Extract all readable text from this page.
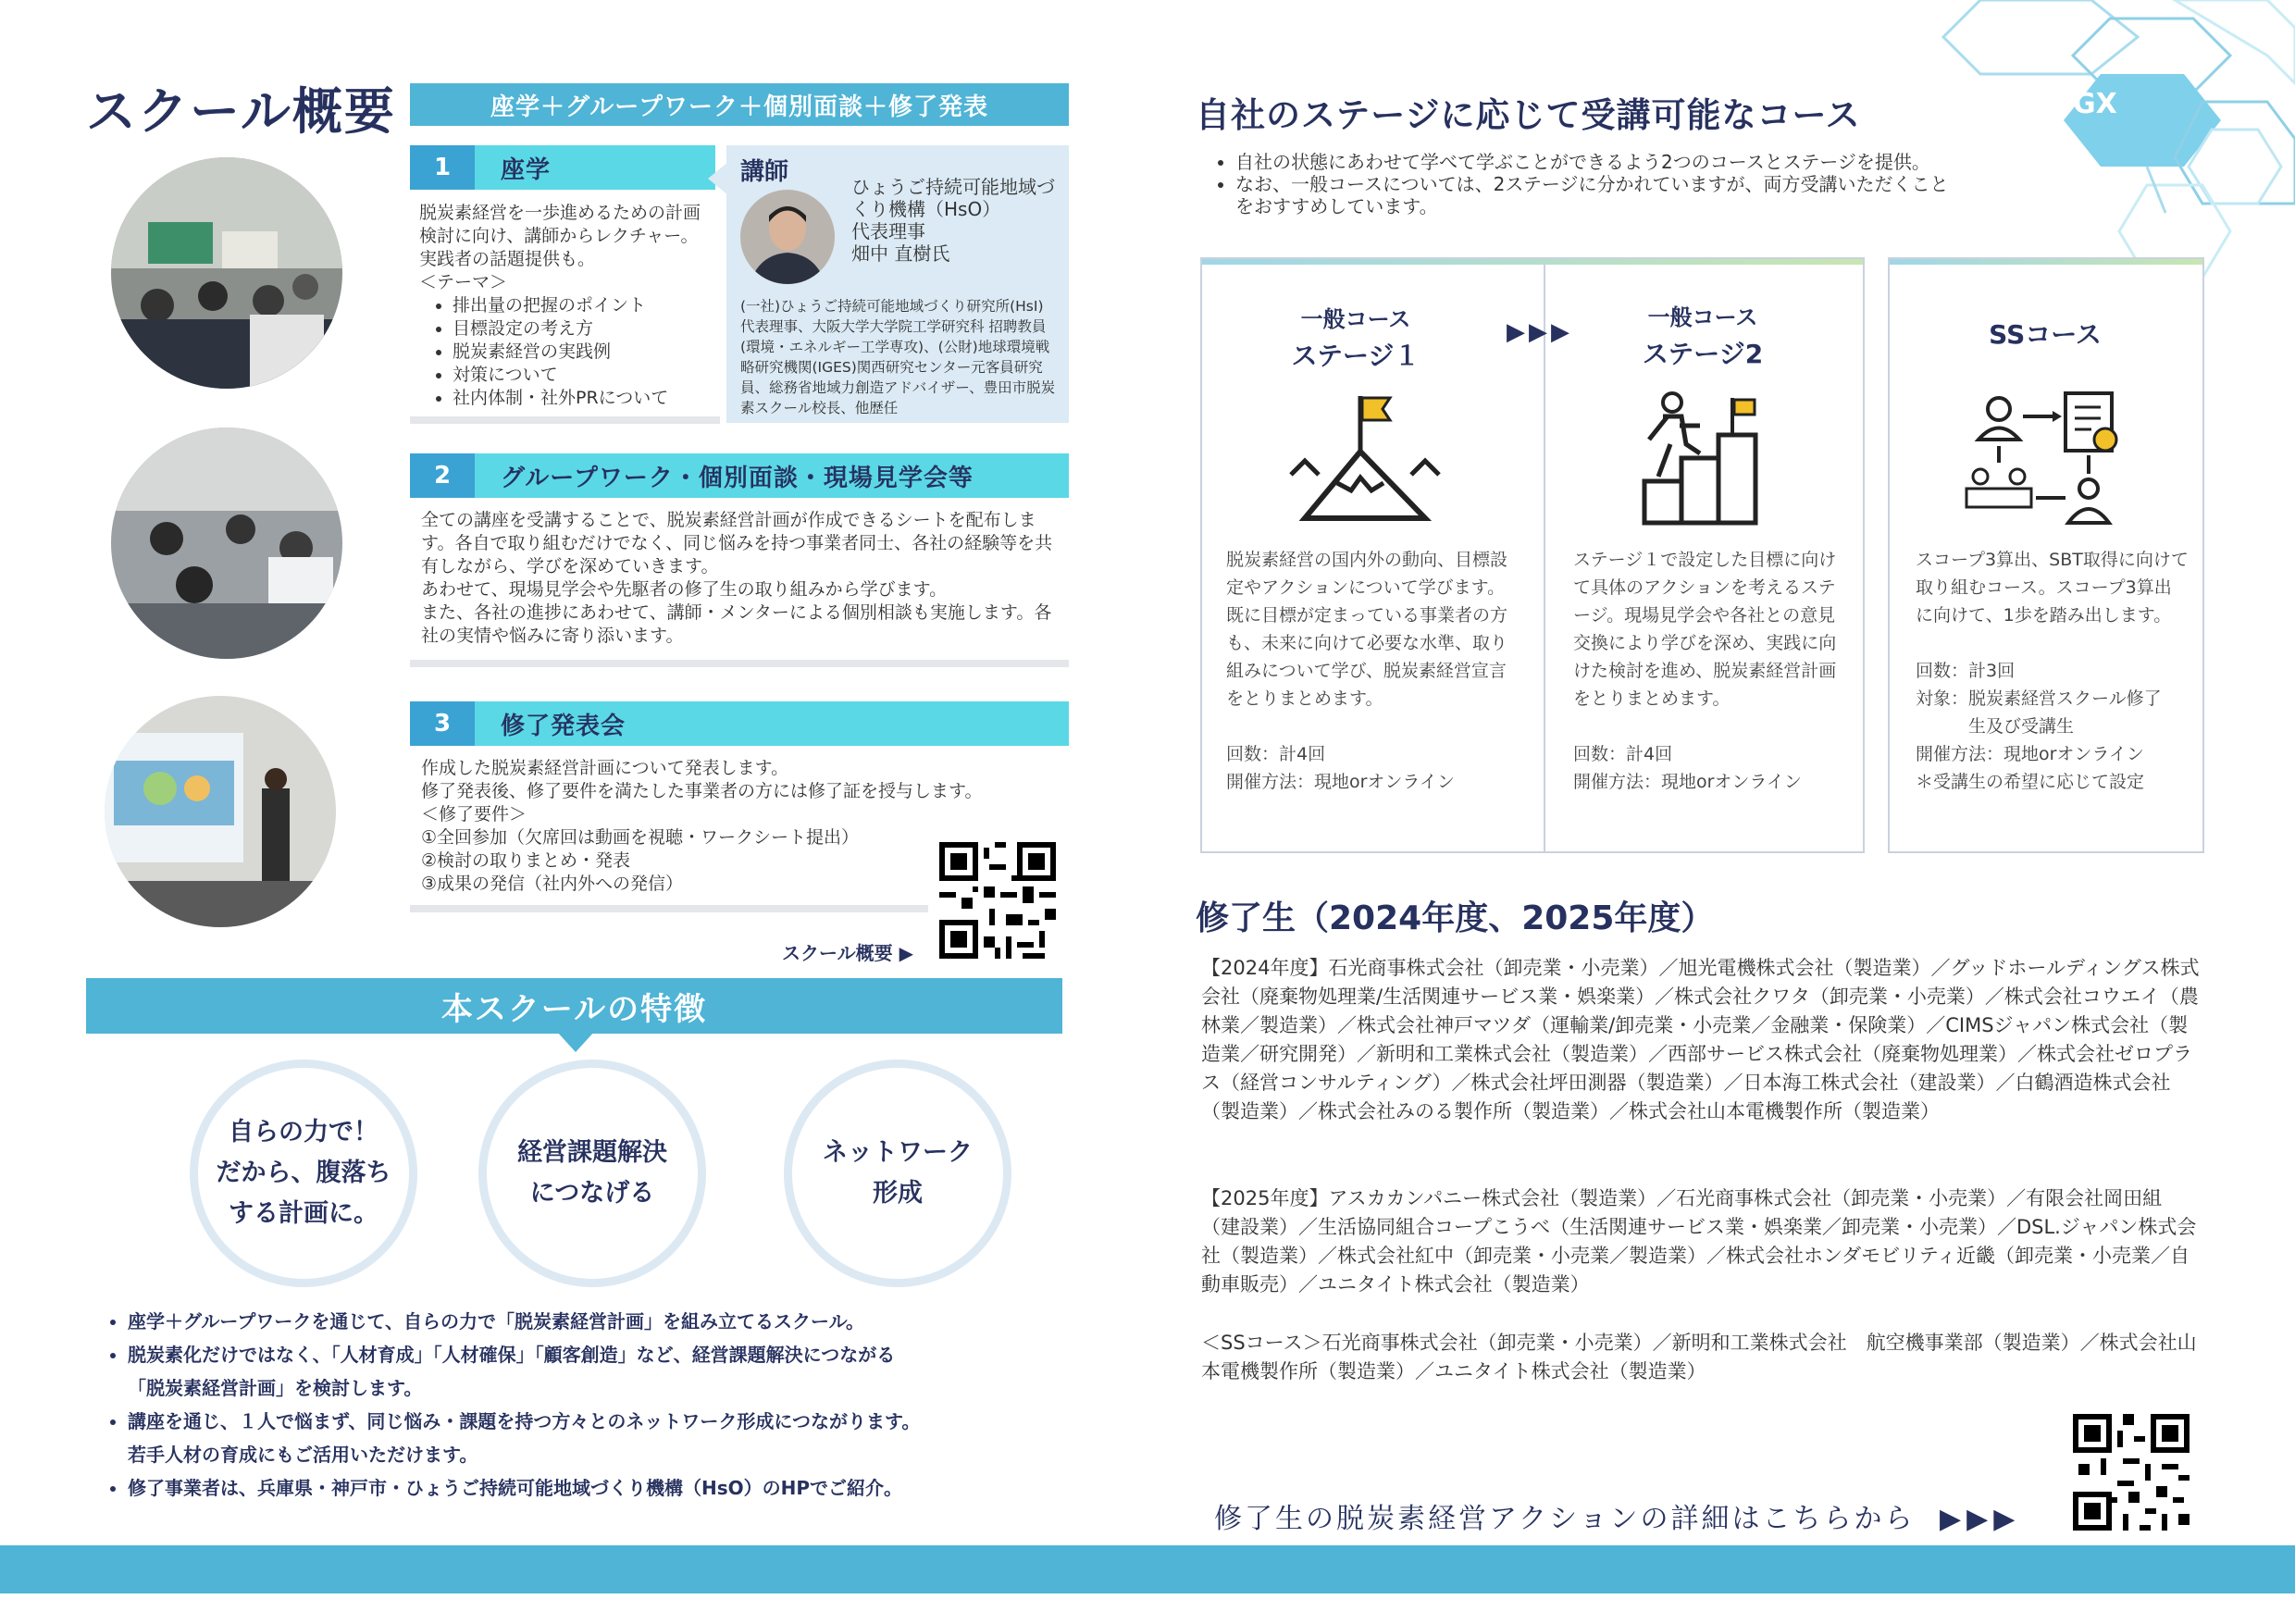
スクール概要	座学＋グループワーク＋個別面談＋修了発表
1	座学
脱炭素経営を一歩進めるための計画検討に向け、講師からレクチャー。実践者の話題提供も。
＜テーマ＞
• 排出量の把握のポイント
• 目標設定の考え方
• 脱炭素経営の実践例
• 対策について
• 社内体制・社外PRについて
講師
ひょうご持続可能地域づくり機構（HsO）
代表理事
畑中 直樹氏
(一社)ひょうご持続可能地域づくり研究所(HsI) 代表理事、大阪大学大学院工学研究科 招聘教員(環境・エネルギー工学専攻)、(公財)地球環境戦略研究機関(IGES)関西研究センター元客員研究員、総務省地域力創造アドバイザー、豊田市脱炭素スクール校長、他歴任
2	グループワーク・個別面談・現場見学会等
全ての講座を受講することで、脱炭素経営計画が作成できるシートを配布します。各自で取り組むだけでなく、同じ悩みを持つ事業者同士、各社の経験等を共有しながら、学びを深めていきます。
あわせて、現場見学会や先駆者の修了生の取り組みから学びます。
また、各社の進捗にあわせて、講師・メンターによる個別相談も実施します。各社の実情や悩みに寄り添います。
3	修了発表会
作成した脱炭素経営計画について発表します。
修了発表後、修了要件を満たした事業者の方には修了証を授与します。
＜修了要件＞
①全回参加（欠席回は動画を視聴・ワークシート提出）
②検討の取りまとめ・発表
③成果の発信（社内外への発信）
スクール概要 ▶
本スクールの特徴
自らの力で！
だから、腹落ち
する計画に。
経営課題解決
につなげる
ネットワーク
形成
• 座学＋グループワークを通じて、自らの力で「脱炭素経営計画」を組み立てるスクール。
• 脱炭素化だけではなく、「人材育成」「人材確保」「顧客創造」など、経営課題解決につながる
「脱炭素経営計画」を検討します。
• 講座を通じ、１人で悩まず、同じ悩み・課題を持つ方々とのネットワーク形成につながります。
若手人材の育成にもご活用いただけます。
• 修了事業者は、兵庫県・神戸市・ひょうご持続可能地域づくり機構（HsO）のHPでご紹介。
GX
自社のステージに応じて受講可能なコース
• 自社の状態にあわせて学べて学ぶことができるよう2つのコースとステージを提供。
• なお、一般コースについては、2ステージに分かれていますが、両方受講いただくこと
をおすすめしています。
一般コース
ステージ１
▶▶▶
一般コース
ステージ2
脱炭素経営の国内外の動向、目標設定やアクションについて学びます。既に目標が定まっている事業者の方も、未来に向けて必要な水準、取り組みについて学び、脱炭素経営宣言をとりまとめます。
回数：計4回
開催方法：現地orオンライン
ステージ１で設定した目標に向けて具体のアクションを考えるステージ。現場見学会や各社との意見交換により学びを深め、実践に向けた検討を進め、脱炭素経営計画をとりまとめます。
回数：計4回
開催方法：現地orオンライン
SSコース
スコープ3算出、SBT取得に向けて取り組むコース。スコープ3算出に向けて、1歩を踏み出します。
回数：計3回
対象：脱炭素経営スクール修了
　　　生及び受講生
開催方法：現地orオンライン
＊受講生の希望に応じて設定
修了生（2024年度、2025年度）

【2024年度】石光商事株式会社（卸売業・小売業）／旭光電機株式会社（製造業）／グッドホールディングス株式会社（廃棄物処理業/生活関連サービス業・娯楽業）／株式会社クワタ（卸売業・小売業）／株式会社コウエイ（農林業／製造業）／株式会社神戸マツダ（運輸業/卸売業・小売業／金融業・保険業）／CIMSジャパン株式会社（製造業／研究開発）／新明和工業株式会社（製造業）／西部サービス株式会社（廃棄物処理業）／株式会社ゼロプラス（経営コンサルティング）／株式会社坪田測器（製造業）／日本海工株式会社（建設業）／白鶴酒造株式会社（製造業）／株式会社みのる製作所（製造業）／株式会社山本電機製作所（製造業）

【2025年度】アスカカンパニー株式会社（製造業）／石光商事株式会社（卸売業・小売業）／有限会社岡田組（建設業）／生活協同組合コープこうべ（生活関連サービス業・娯楽業／卸売業・小売業）／DSL.ジャパン株式会社（製造業）／株式会社紅中（卸売業・小売業／製造業）／株式会社ホンダモビリティ近畿（卸売業・小売業／自動車販売）／ユニタイト株式会社（製造業）

＜SSコース＞石光商事株式会社（卸売業・小売業）／新明和工業株式会社　航空機事業部（製造業）／株式会社山本電機製作所（製造業）／ユニタイト株式会社（製造業）

修了生の脱炭素経営アクションの詳細はこちらから ▶▶▶
